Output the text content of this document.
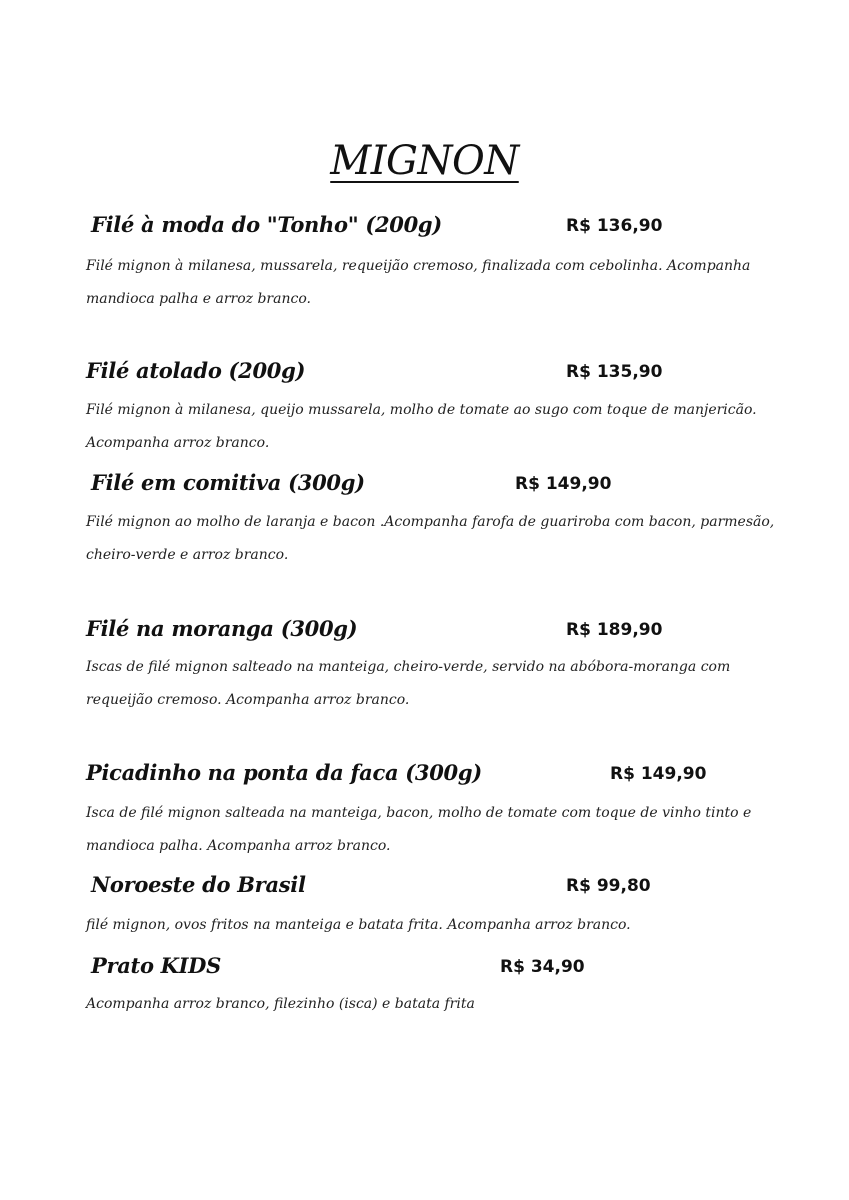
MIGNON
Filé à moda do "Tonho" (200g)	R$ 136,90
Filé mignon à milanesa, mussarela, requeijão cremoso, finalizada com cebolinha. Acompanha mandioca palha e arroz branco.
Filé atolado (200g)	R$ 135,90
Filé mignon à milanesa, queijo mussarela, molho de tomate ao sugo com toque de manjericão. Acompanha arroz branco.
Filé em comitiva (300g)	R$ 149,90
Filé mignon ao molho de laranja e bacon .Acompanha farofa de guariroba com bacon, parmesão, cheiro-verde e arroz branco.
Filé na moranga (300g)	R$ 189,90
Iscas de filé mignon salteado na manteiga, cheiro-verde, servido na abóbora-moranga com requeijão cremoso. Acompanha arroz branco.
Picadinho na ponta da faca (300g)	R$ 149,90
Isca de filé mignon salteada na manteiga, bacon, molho de tomate com toque de vinho tinto e mandioca palha. Acompanha arroz branco.
Noroeste do Brasil	R$ 99,80
filé mignon, ovos fritos na manteiga e batata frita. Acompanha arroz branco.
Prato KIDS	R$ 34,90
Acompanha arroz branco, filezinho (isca) e batata frita
